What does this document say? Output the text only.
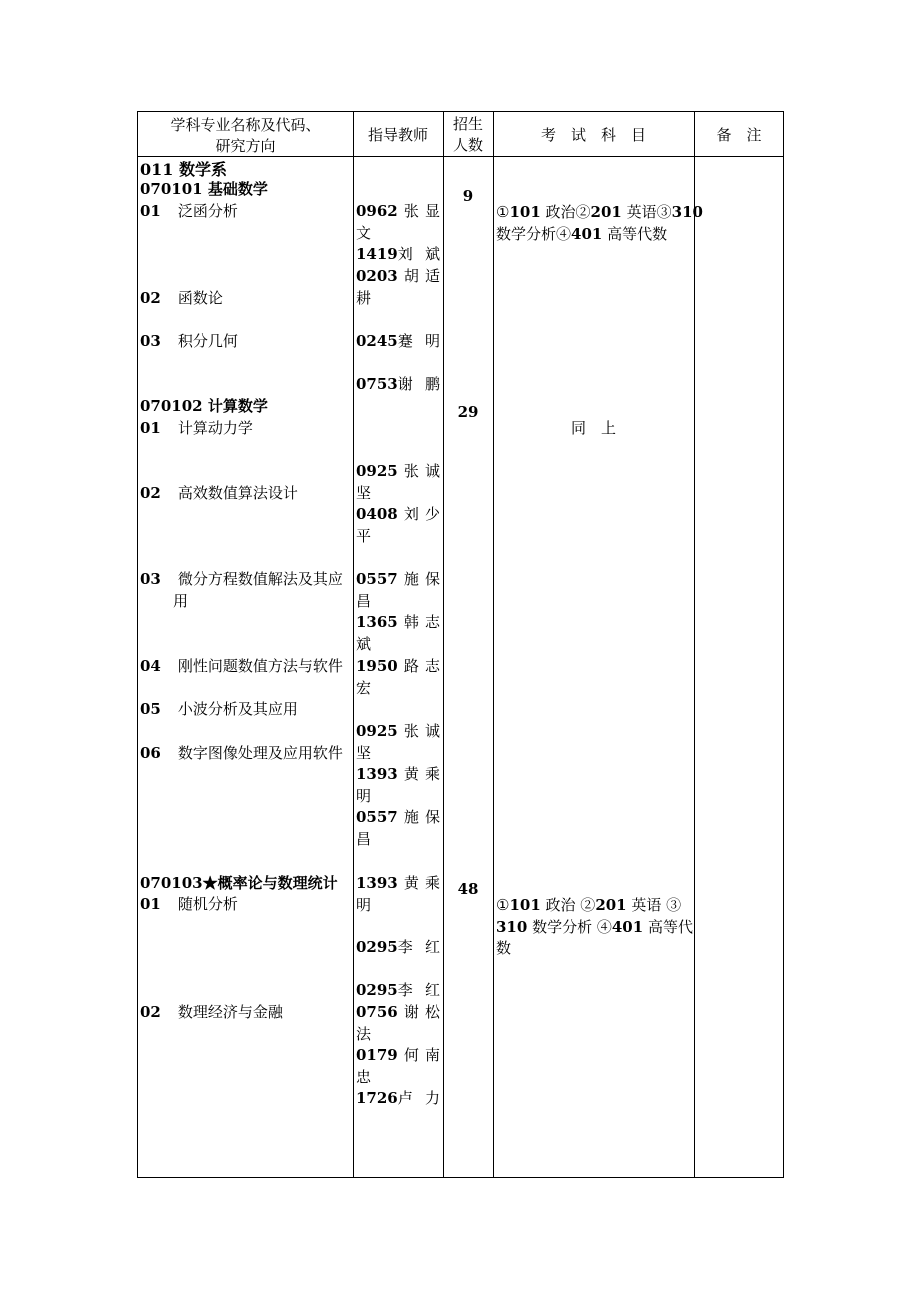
学科专业名称及代码、
研究方向
指导教师
招生
人数
考　试　科　目	备　注
011 数学系
070101 基础数学
070102 计算数学
070103★概率论与数理统计
01 泛函分析
02 函数论
03 积分几何
01 计算动力学
02 高效数值算法设计
03 微分方程数值解法及其应
用
04 刚性问题数值方法与软件
05 小波分析及其应用
06 数字图像处理及应用软件
01 随机分析
02 数理经济与金融
0962 张 显
文
1419刘 斌
0203 胡 适
耕
0245蹇 明
0753谢 鹏
0925 张 诚
坚
0408 刘 少
平
0557 施 保
昌
1365 韩 志
斌
1950 路 志
宏
0925 张 诚
坚
1393 黄 乘
明
0557 施 保
昌
1393 黄 乘
明
0295李 红
0295李 红
0756 谢 松
法
0179 何 南
忠
1726卢 力
9
29
48
①101 政治②201 英语③310
数学分析④401 高等代数
同　上
①101 政治 ②201 英语 ③
310 数学分析 ④401 高等代
数
